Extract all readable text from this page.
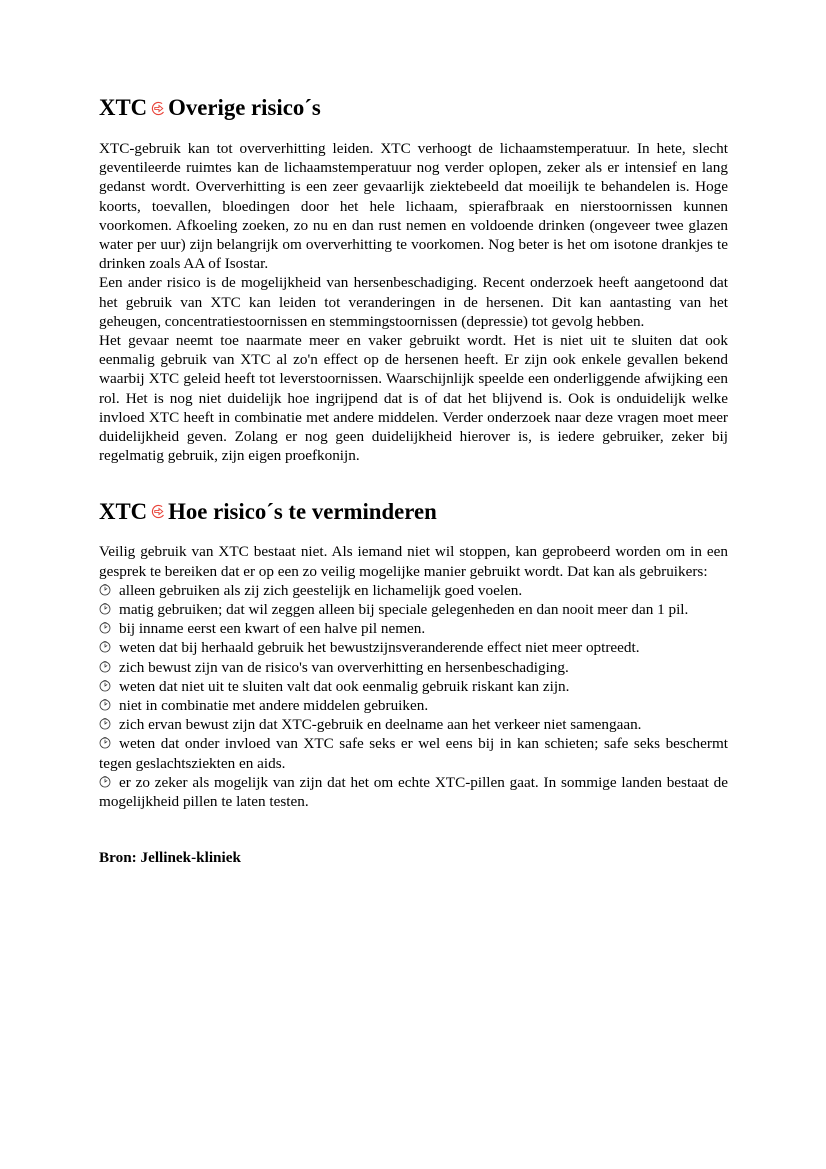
XTC Overige risico´s

XTC-gebruik kan tot oververhitting leiden. XTC verhoogt de lichaamstemperatuur. In hete, slecht geventileerde ruimtes kan de lichaamstemperatuur nog verder oplopen, zeker als er intensief en lang gedanst wordt. Oververhitting is een zeer gevaarlijk ziektebeeld dat moeilijk te behandelen is. Hoge koorts, toevallen, bloedingen door het hele lichaam, spierafbraak en nierstoornissen kunnen voorkomen. Afkoeling zoeken, zo nu en dan rust nemen en voldoende drinken (ongeveer twee glazen water per uur) zijn belangrijk om oververhitting te voorkomen. Nog beter is het om isotone drankjes te drinken zoals AA of Isostar.

Een ander risico is de mogelijkheid van hersenbeschadiging. Recent onderzoek heeft aangetoond dat het gebruik van XTC kan leiden tot veranderingen in de hersenen. Dit kan aantasting van het geheugen, concentratiestoornissen en stemmingstoornissen (depressie) tot gevolg hebben.

Het gevaar neemt toe naarmate meer en vaker gebruikt wordt. Het is niet uit te sluiten dat ook eenmalig gebruik van XTC al zo'n effect op de hersenen heeft. Er zijn ook enkele gevallen bekend waarbij XTC geleid heeft tot leverstoornissen. Waarschijnlijk speelde een onderliggende afwijking een rol. Het is nog niet duidelijk hoe ingrijpend dat is of dat het blijvend is. Ook is onduidelijk welke invloed XTC heeft in combinatie met andere middelen. Verder onderzoek naar deze vragen moet meer duidelijkheid geven. Zolang er nog geen duidelijkheid hierover is, is iedere gebruiker, zeker bij regelmatig gebruik, zijn eigen proefkonijn.

XTC Hoe risico´s te verminderen

Veilig gebruik van XTC bestaat niet. Als iemand niet wil stoppen, kan geprobeerd worden om in een gesprek te bereiken dat er op een zo veilig mogelijke manier gebruikt wordt. Dat kan als gebruikers:

alleen gebruiken als zij zich geestelijk en lichamelijk goed voelen.

matig gebruiken; dat wil zeggen alleen bij speciale gelegenheden en dan nooit meer dan 1 pil.

bij inname eerst een kwart of een halve pil nemen.

weten dat bij herhaald gebruik het bewustzijnsveranderende effect niet meer optreedt.

zich bewust zijn van de risico's van oververhitting en hersenbeschadiging.

weten dat niet uit te sluiten valt dat ook eenmalig gebruik riskant kan zijn.

niet in combinatie met andere middelen gebruiken.

zich ervan bewust zijn dat XTC-gebruik en deelname aan het verkeer niet samengaan.

weten dat onder invloed van XTC safe seks er wel eens bij in kan schieten; safe seks beschermt tegen geslachtsziekten en aids.

er zo zeker als mogelijk van zijn dat het om echte XTC-pillen gaat. In sommige landen bestaat de mogelijkheid pillen te laten testen.

Bron: Jellinek-kliniek
